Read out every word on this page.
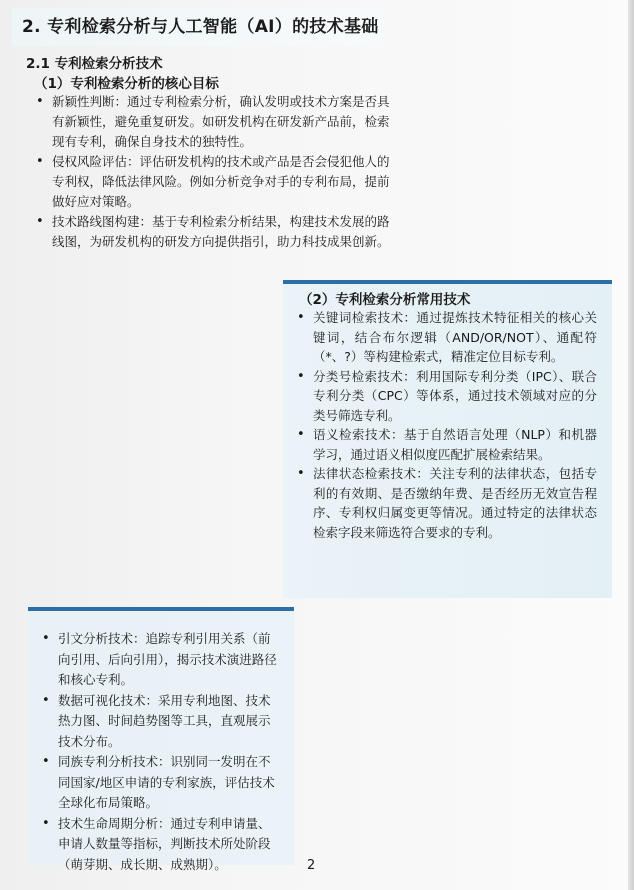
2. 专利检索分析与人工智能（AI）的技术基础
2.1 专利检索分析技术
（1）专利检索分析的核心目标
• 新颖性判断：通过专利检索分析，确认发明或技术方案是否具有新颖性，避免重复研发。如研发机构在研发新产品前，检索现有专利，确保自身技术的独特性。
• 侵权风险评估：评估研发机构的技术或产品是否会侵犯他人的专利权，降低法律风险。例如分析竞争对手的专利布局，提前做好应对策略。
• 技术路线图构建：基于专利检索分析结果，构建技术发展的路线图，为研发机构的研发方向提供指引，助力科技成果创新。
（2）专利检索分析常用技术
• 关键词检索技术：通过提炼技术特征相关的核心关键词，结合布尔逻辑（AND/OR/NOT）、通配符（*、?）等构建检索式，精准定位目标专利。
• 分类号检索技术：利用国际专利分类（IPC）、联合专利分类（CPC）等体系，通过技术领域对应的分类号筛选专利。
• 语义检索技术：基于自然语言处理（NLP）和机器学习，通过语义相似度匹配扩展检索结果。
• 法律状态检索技术：关注专利的法律状态，包括专利的有效期、是否缴纳年费、是否经历无效宣告程序、专利权归属变更等情况。通过特定的法律状态检索字段来筛选符合要求的专利。
• 引文分析技术：追踪专利引用关系（前向引用、后向引用），揭示技术演进路径和核心专利。
• 数据可视化技术：采用专利地图、技术热力图、时间趋势图等工具，直观展示技术分布。
• 同族专利分析技术：识别同一发明在不同国家/地区申请的专利家族，评估技术全球化布局策略。
• 技术生命周期分析：通过专利申请量、申请人数量等指标，判断技术所处阶段（萌芽期、成长期、成熟期）。	2
